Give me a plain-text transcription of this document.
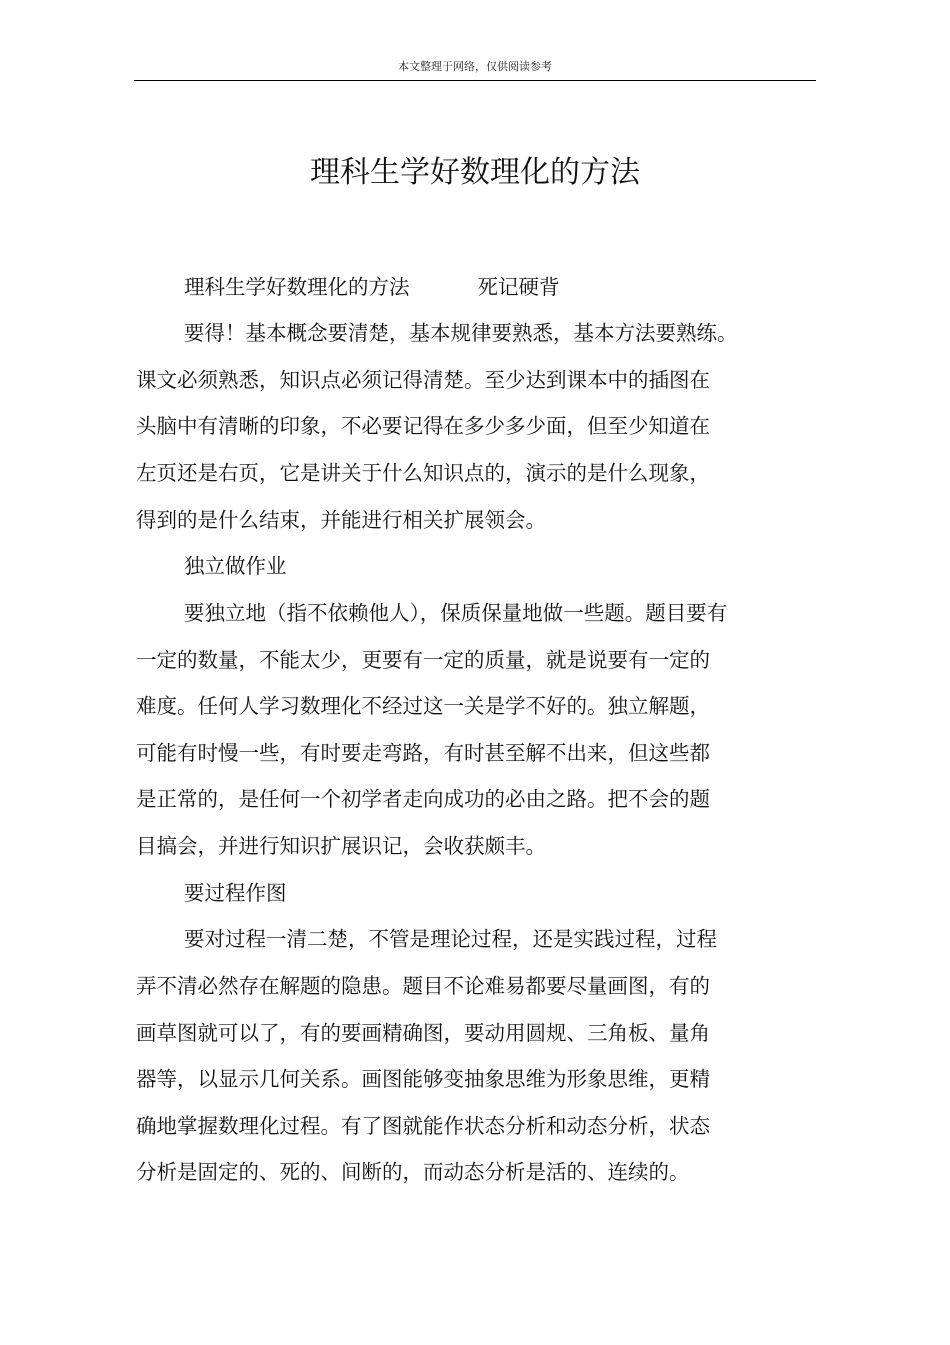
本文整理于网络，仅供阅读参考
理科生学好数理化的方法
理科生学好数理化的方法	死记硬背
要得！基本概念要清楚，基本规律要熟悉，基本方法要熟练。
课文必须熟悉，知识点必须记得清楚。至少达到课本中的插图在
头脑中有清晰的印象，不必要记得在多少多少面，但至少知道在
左页还是右页，它是讲关于什么知识点的，演示的是什么现象，
得到的是什么结束，并能进行相关扩展领会。
独立做作业
要独立地（指不依赖他人），保质保量地做一些题。题目要有
一定的数量，不能太少，更要有一定的质量，就是说要有一定的
难度。任何人学习数理化不经过这一关是学不好的。独立解题，
可能有时慢一些，有时要走弯路，有时甚至解不出来，但这些都
是正常的，是任何一个初学者走向成功的必由之路。把不会的题
目搞会，并进行知识扩展识记，会收获颇丰。
要过程作图
要对过程一清二楚，不管是理论过程，还是实践过程，过程
弄不清必然存在解题的隐患。题目不论难易都要尽量画图，有的
画草图就可以了，有的要画精确图，要动用圆规、三角板、量角
器等，以显示几何关系。画图能够变抽象思维为形象思维，更精
确地掌握数理化过程。有了图就能作状态分析和动态分析，状态
分析是固定的、死的、间断的，而动态分析是活的、连续的。
